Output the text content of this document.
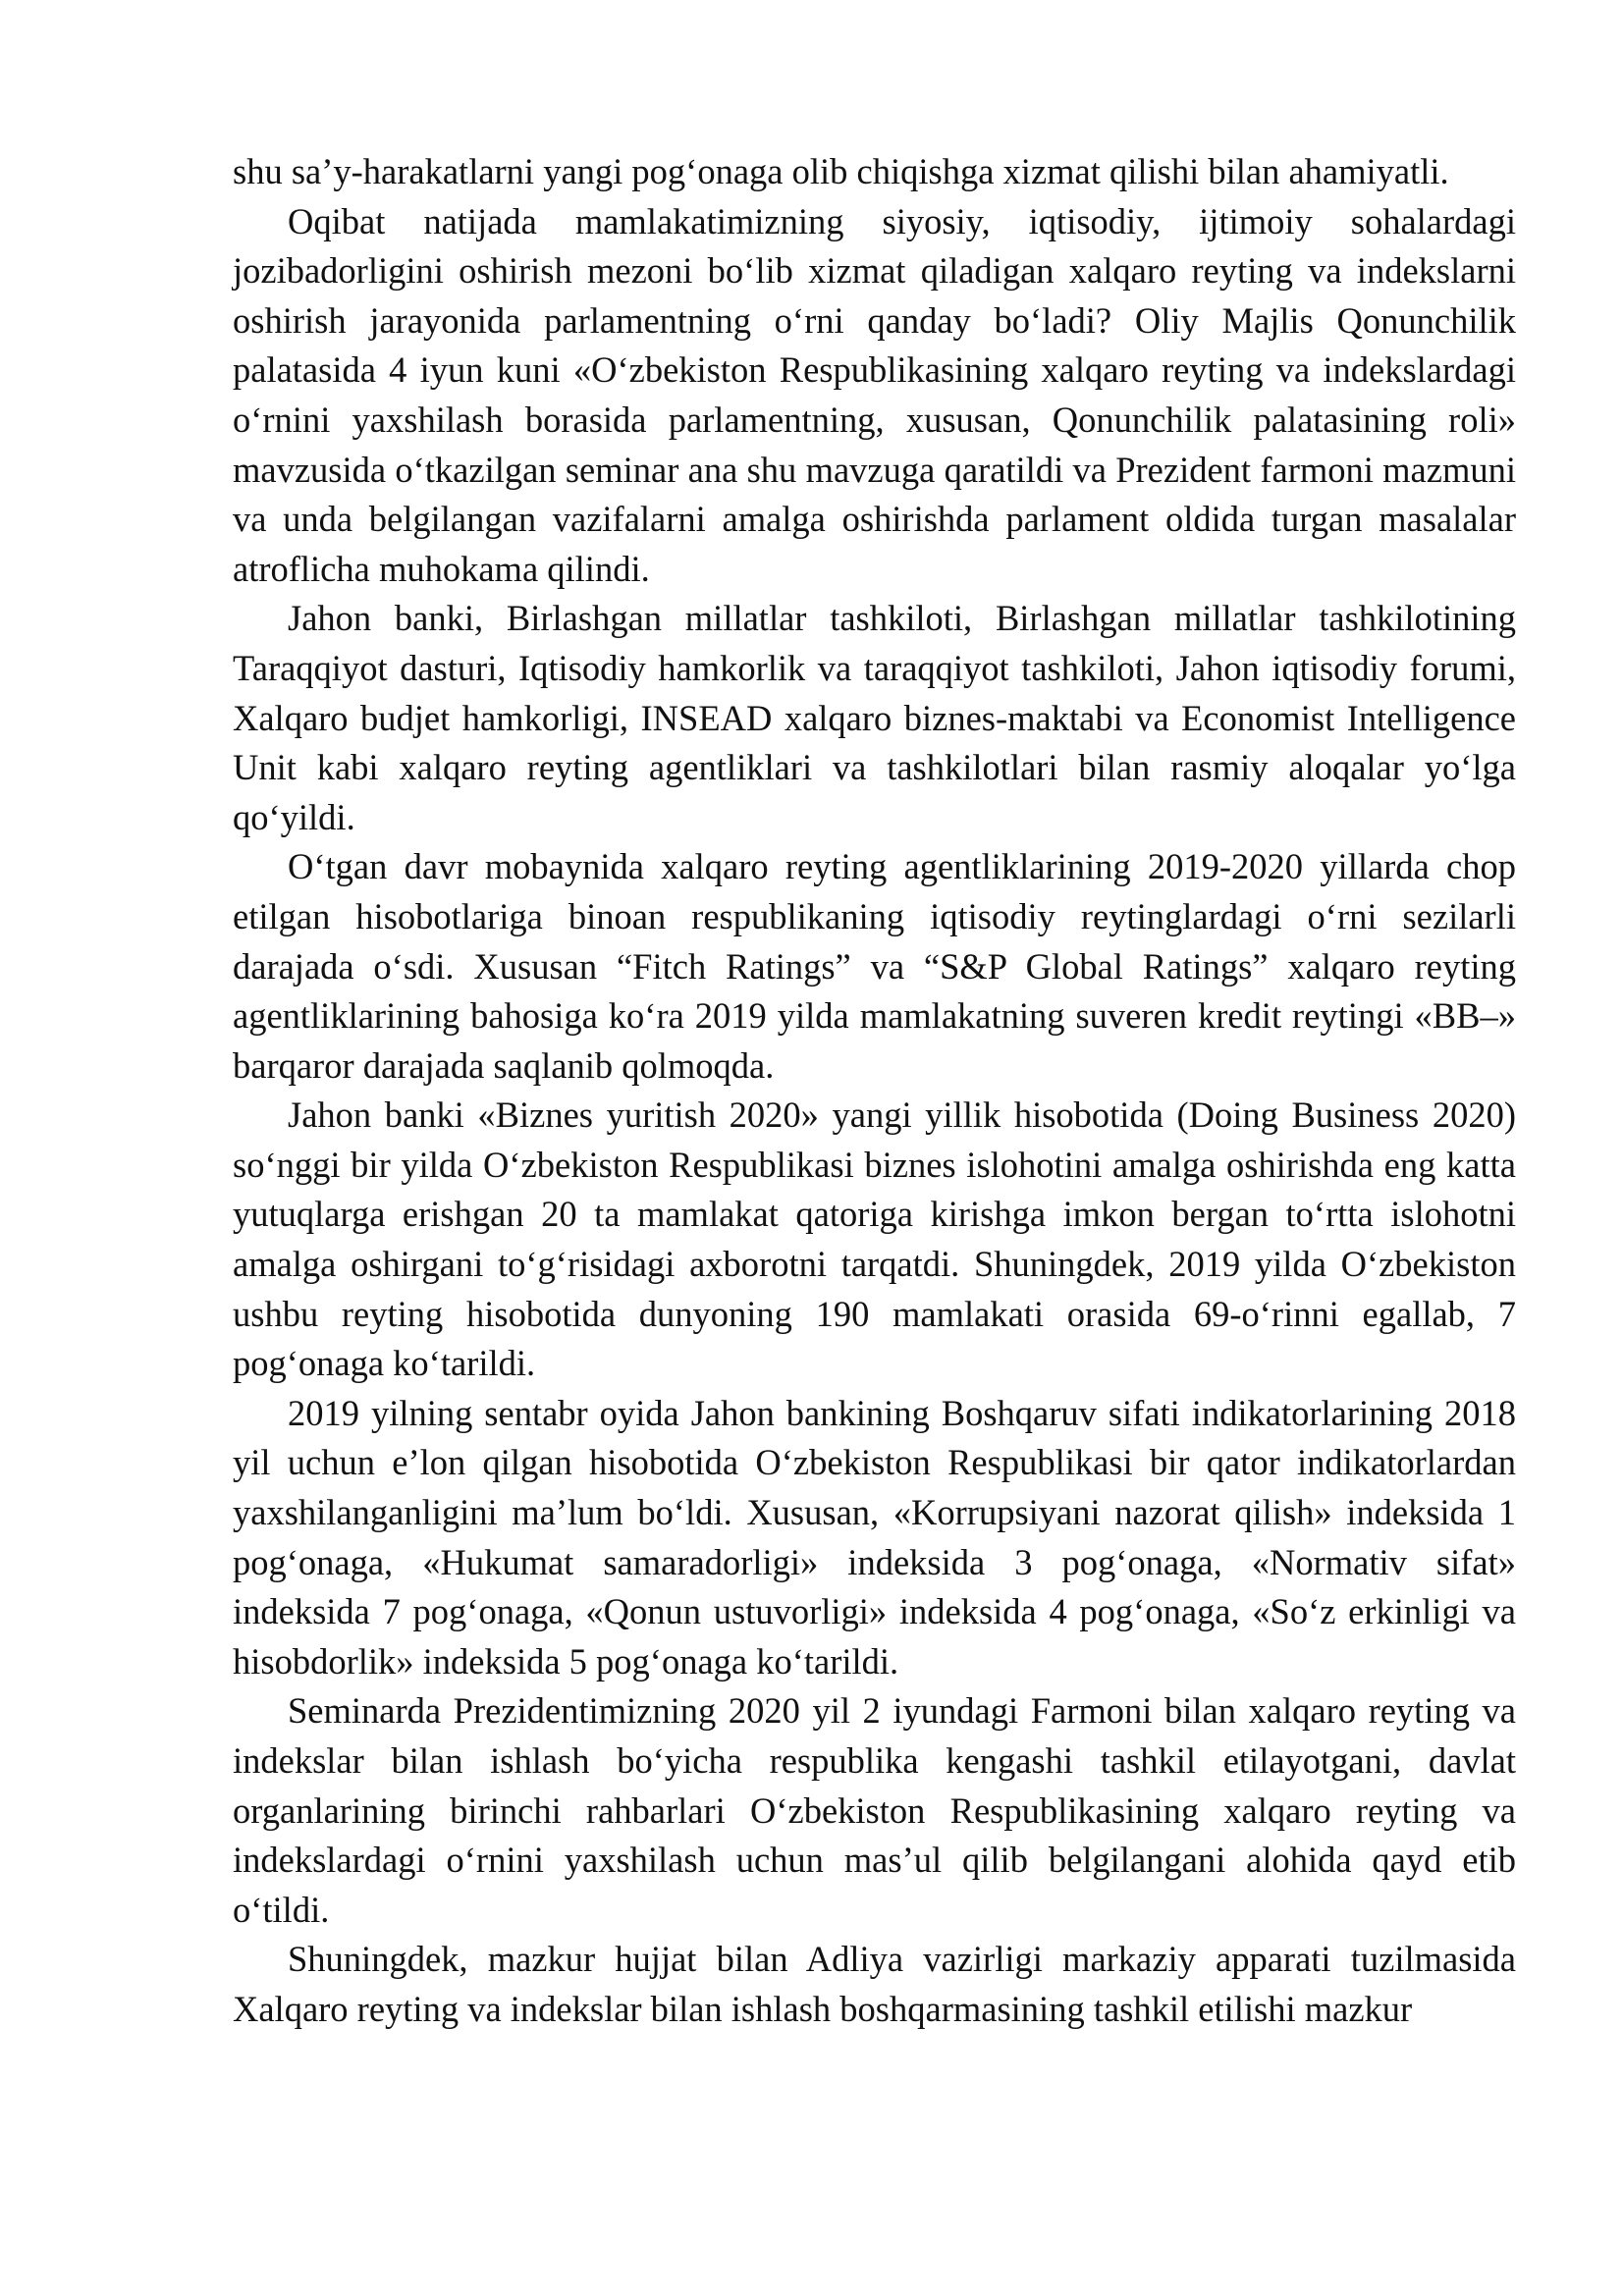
shu sa’y-harakatlarni yangi pog‘onaga olib chiqishga xizmat qilishi bilan ahamiyatli.

Oqibat natijada mamlakatimizning siyosiy, iqtisodiy, ijtimoiy sohalardagi jozibadorligini oshirish mezoni bo‘lib xizmat qiladigan xalqaro reyting va indekslarni oshirish jarayonida parlamentning o‘rni qanday bo‘ladi? Oliy Majlis Qonunchilik palatasida 4 iyun kuni «O‘zbekiston Respublikasining xalqaro reyting va indekslardagi o‘rnini yaxshilash borasida parlamentning, xususan, Qonunchilik palatasining roli» mavzusida o‘tkazilgan seminar ana shu mavzuga qaratildi va Prezident farmoni mazmuni va unda belgilangan vazifalarni amalga oshirishda parlament oldida turgan masalalar atroflicha muhokama qilindi.

Jahon banki, Birlashgan millatlar tashkiloti, Birlashgan millatlar tashkilotining Taraqqiyot dasturi, Iqtisodiy hamkorlik va taraqqiyot tashkiloti, Jahon iqtisodiy forumi, Xalqaro budjet hamkorligi, INSEAD xalqaro biznes-maktabi va Economist Intelligence Unit kabi xalqaro reyting agentliklari va tashkilotlari bilan rasmiy aloqalar yo‘lga qo‘yildi.

O‘tgan davr mobaynida xalqaro reyting agentliklarining 2019-2020 yillarda chop etilgan hisobotlariga binoan respublikaning iqtisodiy reytinglardagi o‘rni sezilarli darajada o‘sdi. Xususan “Fitch Ratings” va “S&P Global Ratings” xalqaro reyting agentliklarining bahosiga ko‘ra 2019 yilda mamlakatning suveren kredit reytingi «BB–» barqaror darajada saqlanib qolmoqda.

Jahon banki «Biznes yuritish 2020» yangi yillik hisobotida (Doing Business 2020) so‘nggi bir yilda O‘zbekiston Respublikasi biznes islohotini amalga oshirishda eng katta yutuqlarga erishgan 20 ta mamlakat qatoriga kirishga imkon bergan to‘rtta islohotni amalga oshirgani to‘g‘risidagi axborotni tarqatdi. Shuningdek, 2019 yilda O‘zbekiston ushbu reyting hisobotida dunyoning 190 mamlakati orasida 69-o‘rinni egallab, 7 pog‘onaga ko‘tarildi.

2019 yilning sentabr oyida Jahon bankining Boshqaruv sifati indikatorlarining 2018 yil uchun e’lon qilgan hisobotida O‘zbekiston Respublikasi bir qator indikatorlardan yaxshilanganligini ma’lum bo‘ldi. Xususan, «Korrupsiyani nazorat qilish» indeksida 1 pog‘onaga, «Hukumat samaradorligi» indeksida 3 pog‘onaga, «Normativ sifat» indeksida 7 pog‘onaga, «Qonun ustuvorligi» indeksida 4 pog‘onaga, «So‘z erkinligi va hisobdorlik» indeksida 5 pog‘onaga ko‘tarildi.

Seminarda Prezidentimizning 2020 yil 2 iyundagi Farmoni bilan xalqaro reyting va indekslar bilan ishlash bo‘yicha respublika kengashi tashkil etilayotgani, davlat organlarining birinchi rahbarlari O‘zbekiston Respublikasining xalqaro reyting va indekslardagi o‘rnini yaxshilash uchun mas’ul qilib belgilangani alohida qayd etib o‘tildi.

Shuningdek, mazkur hujjat bilan Adliya vazirligi markaziy apparati tuzilmasida Xalqaro reyting va indekslar bilan ishlash boshqarmasining tashkil etilishi mazkur
